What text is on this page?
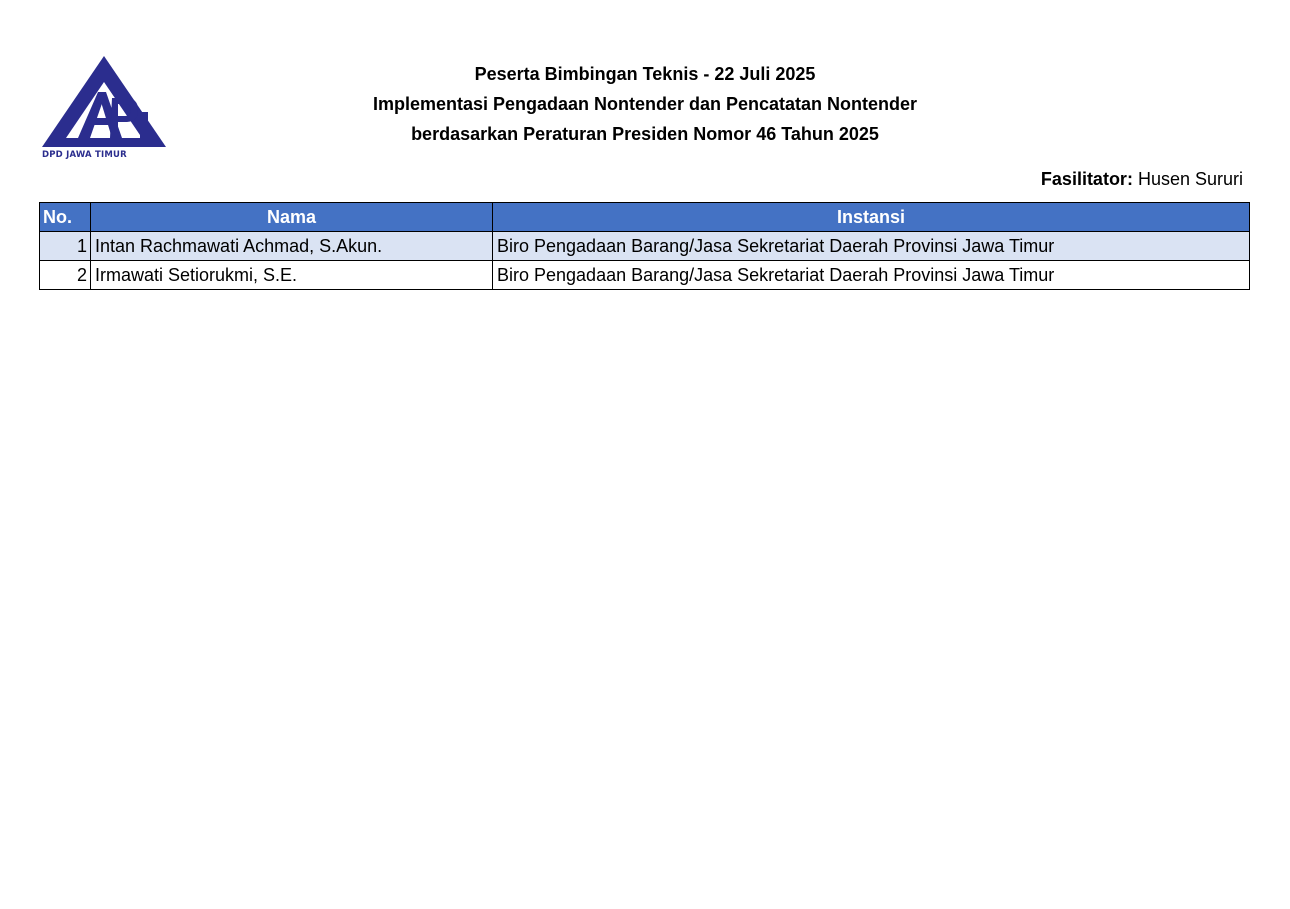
DPD JAWA TIMUR
Peserta Bimbingan Teknis - 22 Juli 2025
Implementasi Pengadaan Nontender dan Pencatatan Nontender
berdasarkan Peraturan Presiden Nomor 46 Tahun 2025
Fasilitator: Husen Sururi
No.	Nama	Instansi
1	Intan Rachmawati Achmad, S.Akun.	Biro Pengadaan Barang/Jasa Sekretariat Daerah Provinsi Jawa Timur
2	Irmawati Setiorukmi, S.E.	Biro Pengadaan Barang/Jasa Sekretariat Daerah Provinsi Jawa Timur
